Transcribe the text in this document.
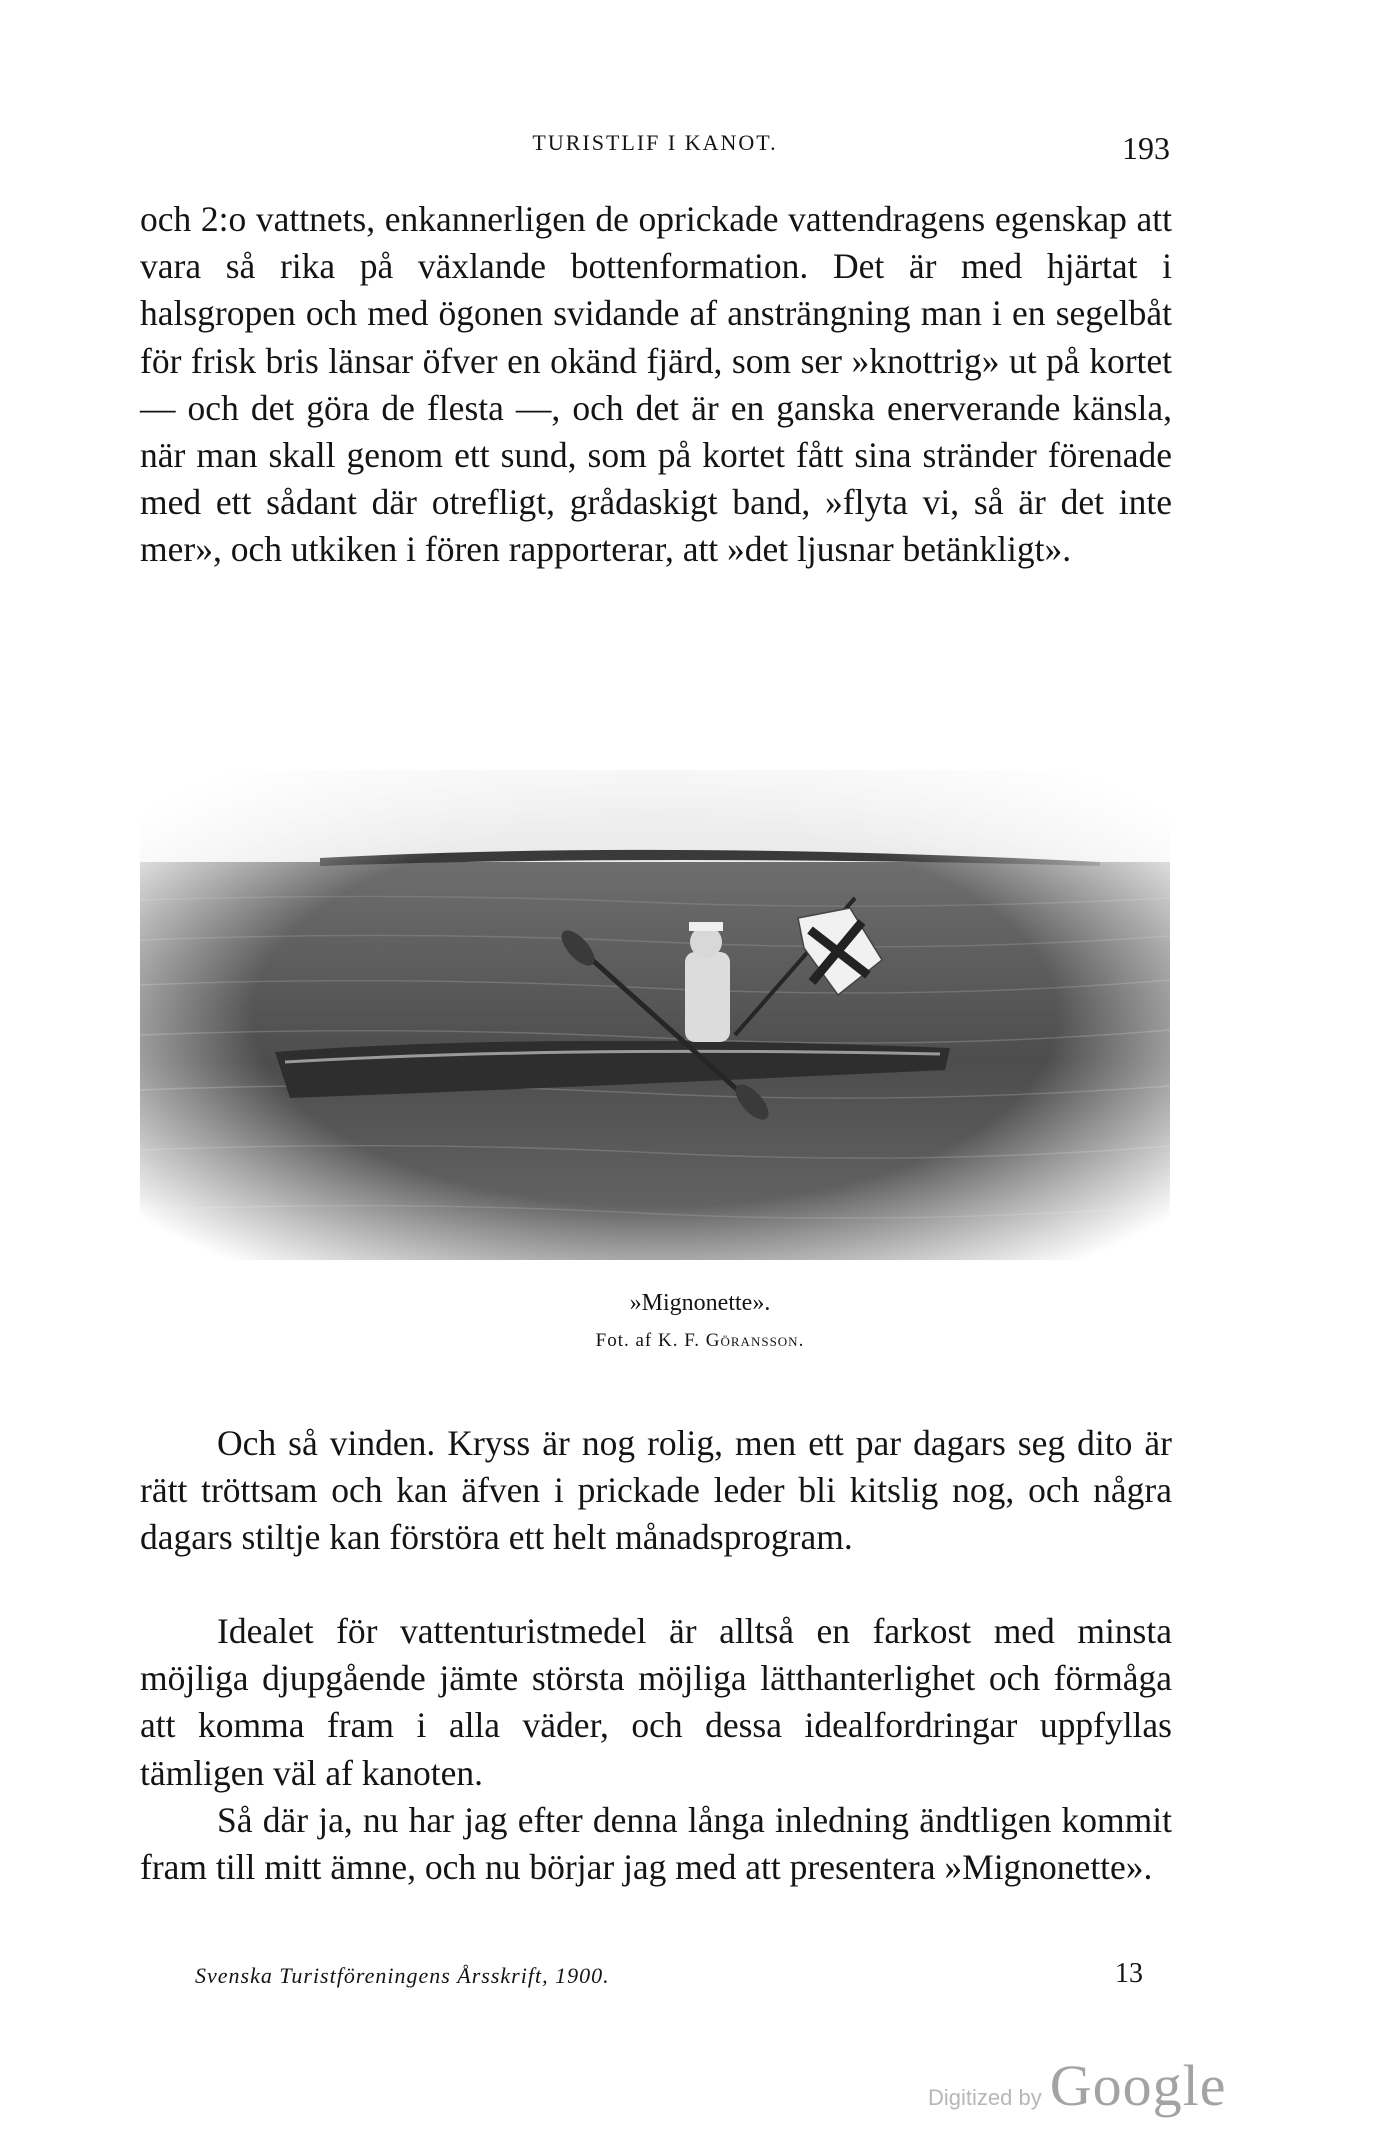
TURISTLIF I KANOT.	193

och 2:o vattnets, enkannerligen de oprickade vattendragens egenskap att vara så rika på växlande bottenformation. Det är med hjärtat i halsgropen och med ögonen svidande af ansträngning man i en segelbåt för frisk bris länsar öfver en okänd fjärd, som ser »knottrig» ut på kortet — och det göra de flesta —, och det är en ganska enerverande känsla, när man skall genom ett sund, som på kortet fått sina stränder förenade med ett sådant där otrefligt, grådaskigt band, »flyta vi, så är det inte mer», och utkiken i fören rapporterar, att »det ljusnar betänkligt».

»Mignonette».
Fot. af K. F. Göransson.

Och så vinden. Kryss är nog rolig, men ett par dagars seg dito är rätt tröttsam och kan äfven i prickade leder bli kitslig nog, och några dagars stiltje kan förstöra ett helt månadsprogram.

Idealet för vattenturistmedel är alltså en farkost med minsta möjliga djupgående jämte största möjliga lätthanterlighet och förmåga att komma fram i alla väder, och dessa idealfordringar uppfyllas tämligen väl af kanoten.

Så där ja, nu har jag efter denna långa inledning ändtligen kommit fram till mitt ämne, och nu börjar jag med att presentera »Mignonette».

Svenska Turistföreningens Årsskrift, 1900.	13
Digitized by Google
